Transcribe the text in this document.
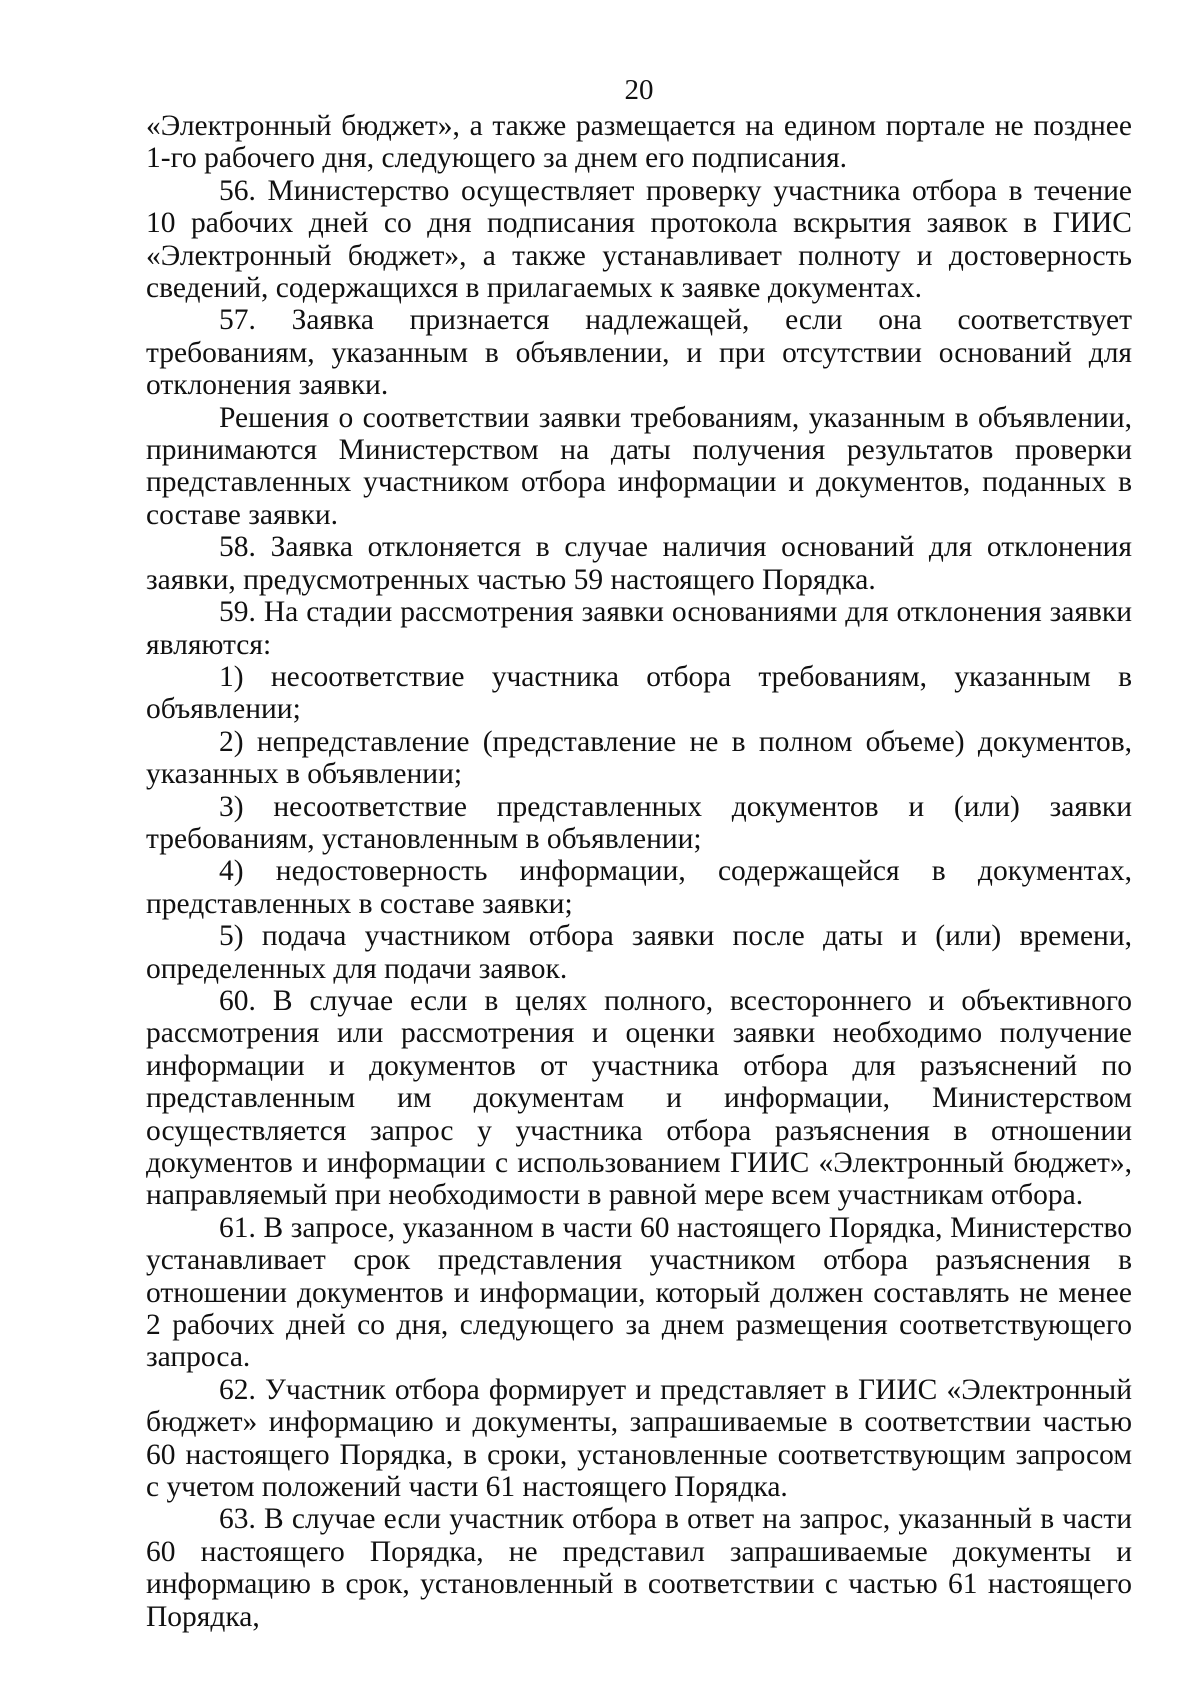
20

«Электронный бюджет», а также размещается на едином портале не позднее 1-го рабочего дня, следующего за днем его подписания.

56. Министерство осуществляет проверку участника отбора в течение 10 рабочих дней со дня подписания протокола вскрытия заявок в ГИИС «Электронный бюджет», а также устанавливает полноту и достоверность сведений, содержащихся в прилагаемых к заявке документах.

57. Заявка признается надлежащей, если она соответствует требованиям, указанным в объявлении, и при отсутствии оснований для отклонения заявки.

Решения о соответствии заявки требованиям, указанным в объявлении, принимаются Министерством на даты получения результатов проверки представленных участником отбора информации и документов, поданных в составе заявки.

58. Заявка отклоняется в случае наличия оснований для отклонения заявки, предусмотренных частью 59 настоящего Порядка.

59. На стадии рассмотрения заявки основаниями для отклонения заявки являются:

1) несоответствие участника отбора требованиям, указанным в объявлении;

2) непредставление (представление не в полном объеме) документов, указанных в объявлении;

3) несоответствие представленных документов и (или) заявки требованиям, установленным в объявлении;

4) недостоверность информации, содержащейся в документах, представленных в составе заявки;

5) подача участником отбора заявки после даты и (или) времени, определенных для подачи заявок.

60. В случае если в целях полного, всестороннего и объективного рассмотрения или рассмотрения и оценки заявки необходимо получение информации и документов от участника отбора для разъяснений по представленным им документам и информации, Министерством осуществляется запрос у участника отбора разъяснения в отношении документов и информации с использованием ГИИС «Электронный бюджет», направляемый при необходимости в равной мере всем участникам отбора.

61. В запросе, указанном в части 60 настоящего Порядка, Министерство устанавливает срок представления участником отбора разъяснения в отношении документов и информации, который должен составлять не менее 2 рабочих дней со дня, следующего за днем размещения соответствующего запроса.

62. Участник отбора формирует и представляет в ГИИС «Электронный бюджет» информацию и документы, запрашиваемые в соответствии частью 60 настоящего Порядка, в сроки, установленные соответствующим запросом с учетом положений части 61 настоящего Порядка.

63. В случае если участник отбора в ответ на запрос, указанный в части 60 настоящего Порядка, не представил запрашиваемые документы и информацию в срок, установленный в соответствии с частью 61 настоящего Порядка,
